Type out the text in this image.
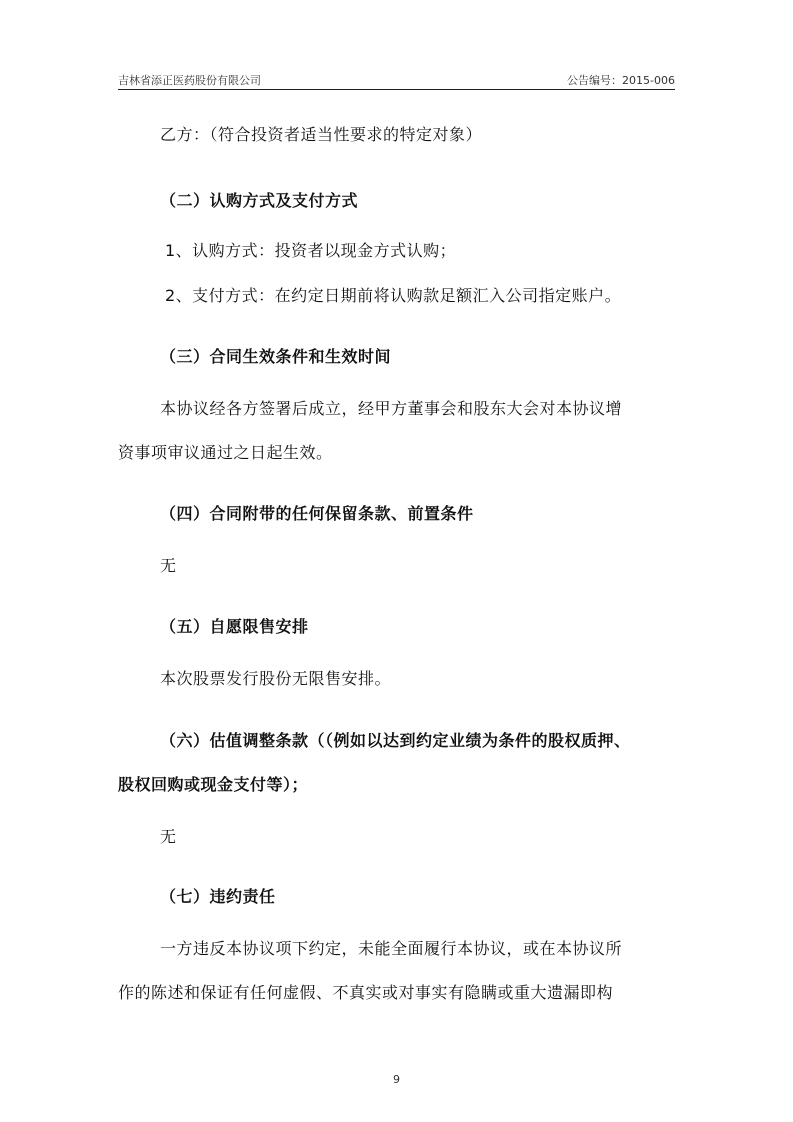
吉林省添正医药股份有限公司	公告编号：2015-006
乙方：（符合投资者适当性要求的特定对象）
（二）认购方式及支付方式
1、认购方式：投资者以现金方式认购；
2、支付方式：在约定日期前将认购款足额汇入公司指定账户。
（三）合同生效条件和生效时间
本协议经各方签署后成立，经甲方董事会和股东大会对本协议增
资事项审议通过之日起生效。
（四）合同附带的任何保留条款、前置条件
无
（五）自愿限售安排
本次股票发行股份无限售安排。
（六）估值调整条款（（例如以达到约定业绩为条件的股权质押、
股权回购或现金支付等）；
无
（七）违约责任
一方违反本协议项下约定，未能全面履行本协议，或在本协议所
作的陈述和保证有任何虚假、不真实或对事实有隐瞒或重大遗漏即构
9
